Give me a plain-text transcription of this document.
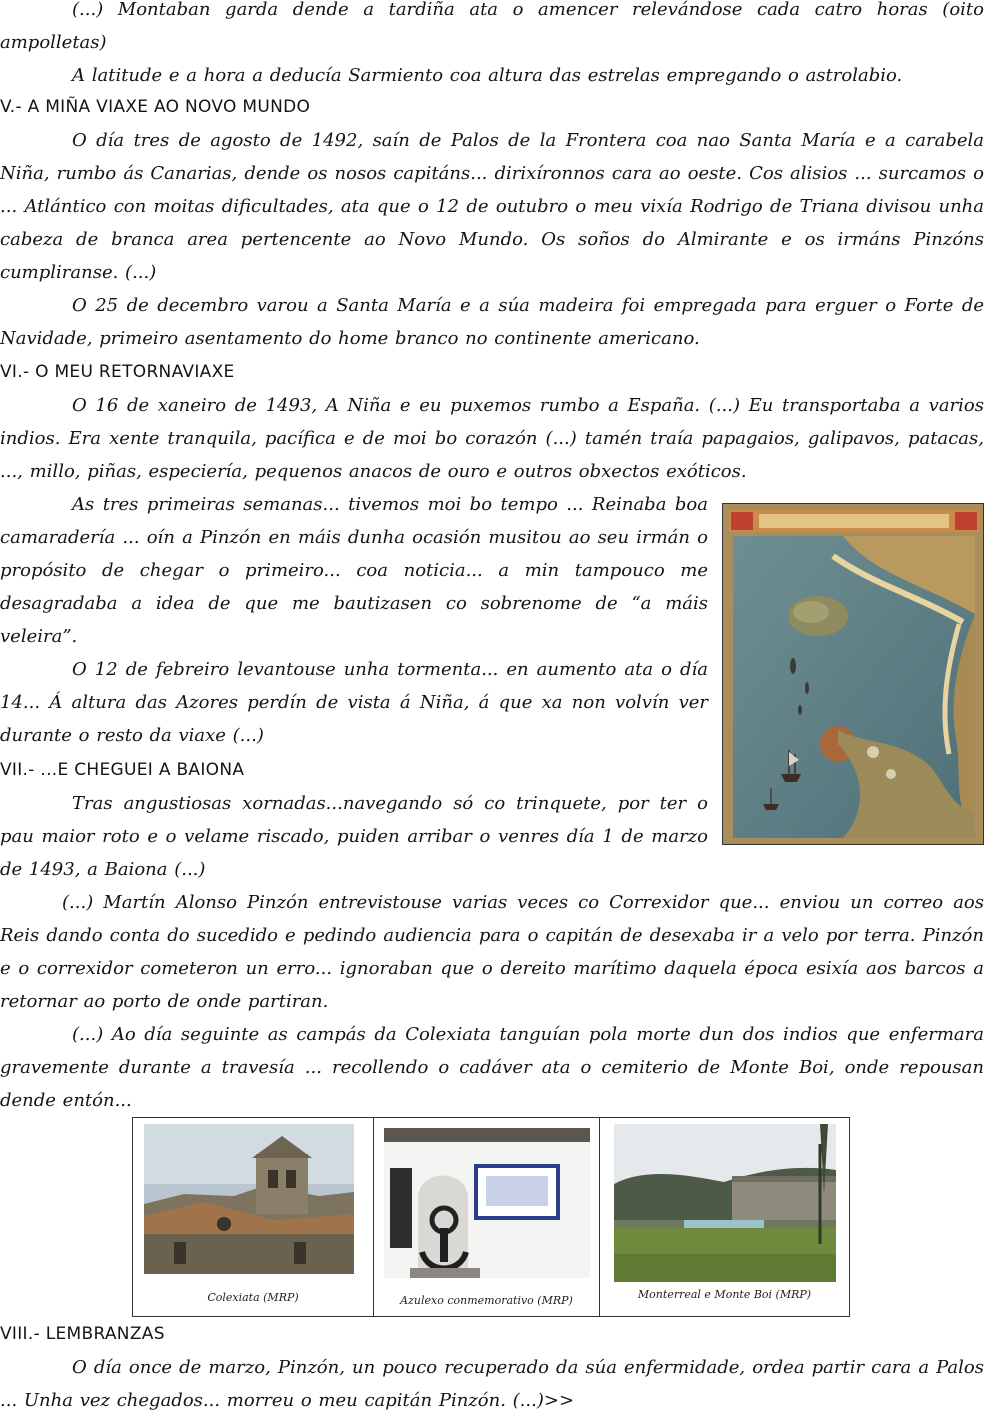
(...) Montaban garda dende a tardiña ata o amencer relevándose cada catro horas (oito ampolletas)

A latitude e a hora a deducía Sarmiento coa altura das estrelas empregando o astrolabio.

V.- A MIÑA VIAXE AO NOVO MUNDO

O día tres de agosto de 1492, saín de Palos de la Frontera coa nao Santa María e a carabela Niña, rumbo ás Canarias, dende os nosos capitáns... dirixíronnos cara ao oeste. Cos alisios ... surcamos o ... Atlántico con moitas dificultades, ata que o 12 de outubro o meu vixía Rodrigo de Triana divisou unha cabeza de branca area pertencente ao Novo Mundo. Os soños do Almirante e os irmáns Pinzóns cumpliranse. (...)

O 25 de decembro varou a Santa María e a súa madeira foi empregada para erguer o Forte de Navidade, primeiro asentamento do home branco no continente americano.

VI.- O MEU RETORNAVIAXE

O 16 de xaneiro de 1493, A Niña e eu puxemos rumbo a España. (...) Eu transportaba a varios indios. Era xente tranquila, pacífica e de moi bo corazón (...) tamén traía papagaios, galipavos, patacas, ..., millo, piñas, especiería, pequenos anacos de ouro e outros obxectos exóticos.

As tres primeiras semanas... tivemos moi bo tempo ... Reinaba boa camaradería ... oín a Pinzón en máis dunha ocasión musitou ao seu irmán o propósito de chegar o primeiro... coa noticia... a min tampouco me desagradaba a idea de que me bautizasen co sobrenome de “a máis veleira”.

O 12 de febreiro levantouse unha tormenta... en aumento ata o día 14... Á altura das Azores perdín de vista á Niña, á que xa non volvín ver durante o resto da viaxe (...)

VII.- ...E CHEGUEI A BAIONA

Tras angustiosas xornadas...navegando só co trinquete, por ter o pau maior roto e o velame riscado, puiden arribar o venres día 1 de marzo de 1493, a Baiona (...)

(...) Martín Alonso Pinzón entrevistouse varias veces co Correxidor que... enviou un correo aos Reis dando conta do sucedido e pedindo audiencia para o capitán de desexaba ir a velo por terra. Pinzón e o correxidor cometeron un erro... ignoraban que o dereito marítimo daquela época esixía aos barcos a retornar ao porto de onde partiran.

(...) Ao día seguinte as campás da Colexiata tanguían pola morte dun dos indios que enfermara gravemente durante a travesía ... recollendo o cadáver ata o cemiterio de Monte Boi, onde repousan dende entón...

Colexiata (MRP)	Azulexo conmemorativo (MRP)	Monterreal e Monte Boi (MRP)
VIII.- LEMBRANZAS

O día once de marzo, Pinzón, un pouco recuperado da súa enfermidade, ordea partir cara a Palos ... Unha vez chegados... morreu o meu capitán Pinzón. (...)>>
